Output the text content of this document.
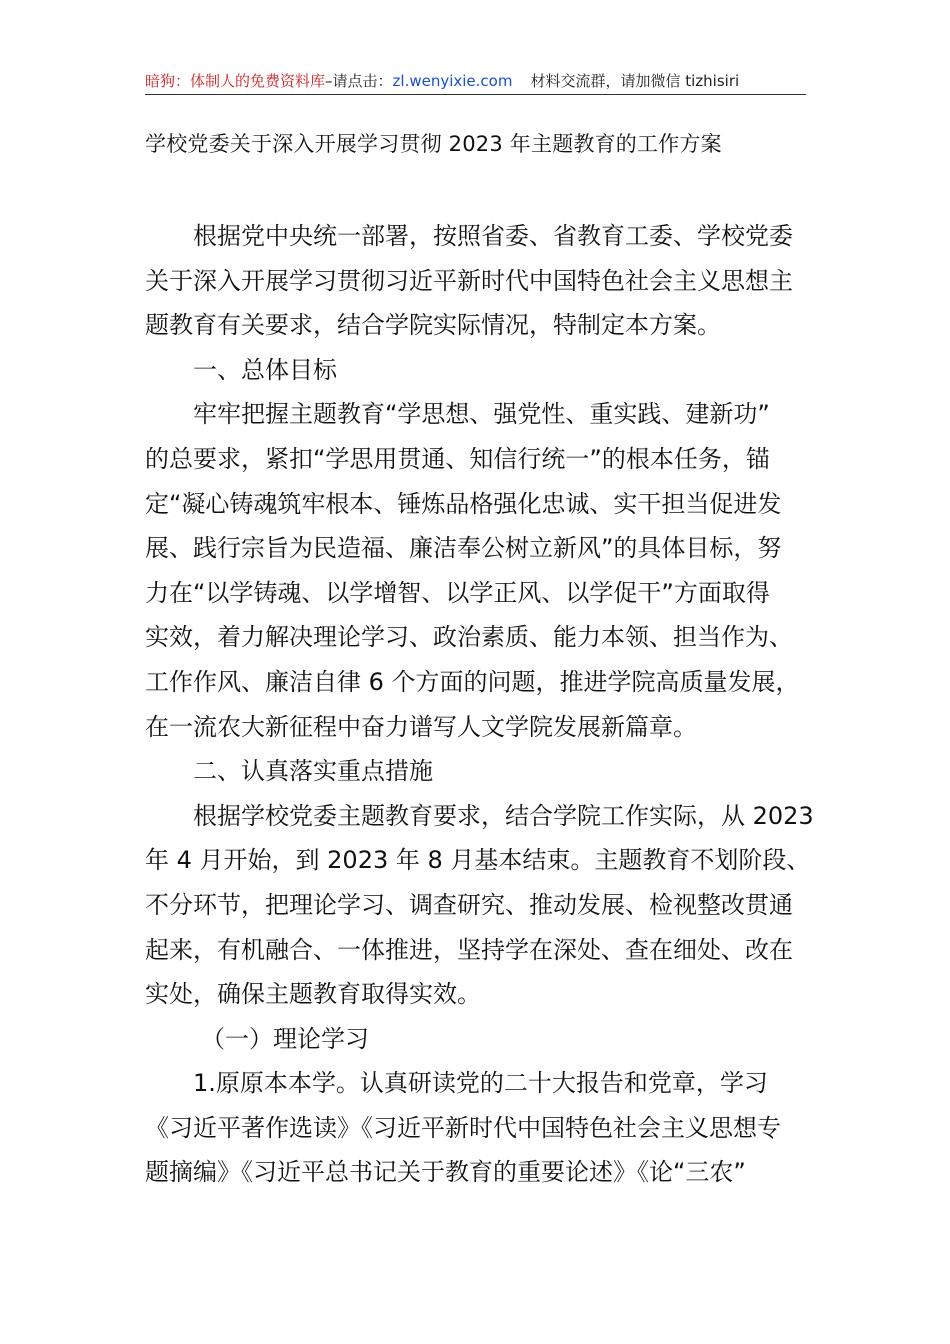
暗狗：体制人的免费资料库–请点击：zl.wenyixie.com 材料交流群，请加微信 tizhisiri
学校党委关于深入开展学习贯彻 2023 年主题教育的工作方案
根据党中央统一部署，按照省委、省教育工委、学校党委
关于深入开展学习贯彻习近平新时代中国特色社会主义思想主
题教育有关要求，结合学院实际情况，特制定本方案。
一、总体目标
牢牢把握主题教育“学思想、强党性、重实践、建新功”
的总要求，紧扣“学思用贯通、知信行统一”的根本任务，锚
定“凝心铸魂筑牢根本、锤炼品格强化忠诚、实干担当促进发
展、践行宗旨为民造福、廉洁奉公树立新风”的具体目标，努
力在“以学铸魂、以学增智、以学正风、以学促干”方面取得
实效，着力解决理论学习、政治素质、能力本领、担当作为、
工作作风、廉洁自律 6 个方面的问题，推进学院高质量发展，
在一流农大新征程中奋力谱写人文学院发展新篇章。
二、认真落实重点措施
根据学校党委主题教育要求，结合学院工作实际，从 2023
年 4 月开始，到 2023 年 8 月基本结束。主题教育不划阶段、
不分环节，把理论学习、调查研究、推动发展、检视整改贯通
起来，有机融合、一体推进，坚持学在深处、查在细处、改在
实处，确保主题教育取得实效。
（一）理论学习
1.原原本本学。认真研读党的二十大报告和党章，学习
《习近平著作选读》《习近平新时代中国特色社会主义思想专
题摘编》《习近平总书记关于教育的重要论述》《论“三农”
